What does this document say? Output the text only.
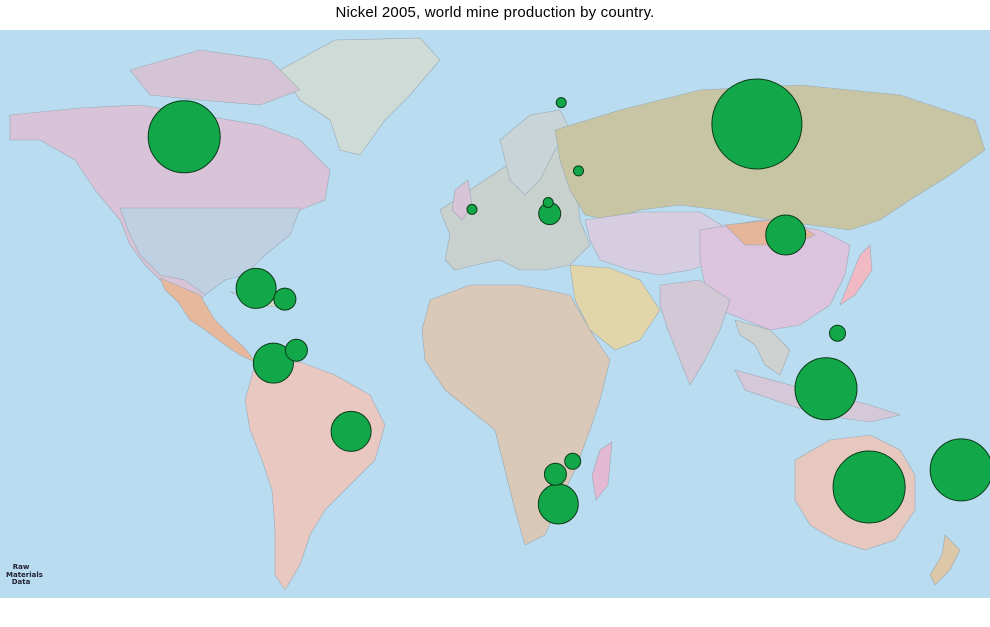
Nickel 2005, world mine production by country.
Raw
Materials
Data
